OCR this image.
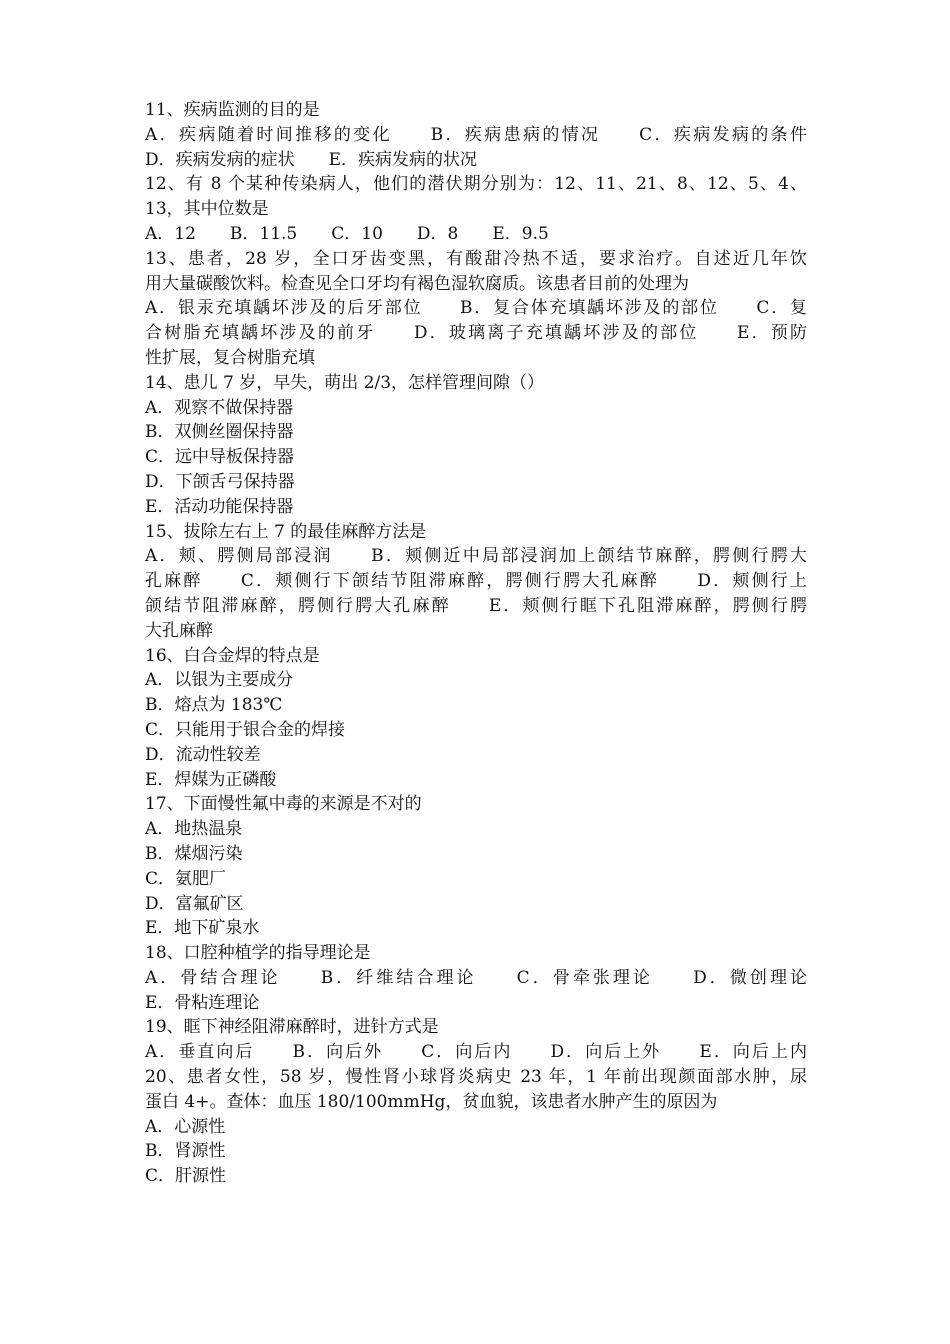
11、疾病监测的目的是
A．疾病随着时间推移的变化　　B．疾病患病的情况　　C．疾病发病的条件
D．疾病发病的症状　　E．疾病发病的状况
12、有 8 个某种传染病人，他们的潜伏期分别为：12、11、21、8、12、5、4、
13，其中位数是
A．12　　B．11.5　　C．10　　D．8　　E．9.5
13、患者，28 岁，全口牙齿变黑，有酸甜冷热不适，要求治疗。自述近几年饮
用大量碳酸饮料。检查见全口牙均有褐色湿软腐质。该患者目前的处理为
A．银汞充填龋坏涉及的后牙部位　　B．复合体充填龋坏涉及的部位　　C．复
合树脂充填龋坏涉及的前牙　　D．玻璃离子充填龋坏涉及的部位　　E．预防
性扩展，复合树脂充填
14、患儿 7 岁，早失，萌出 2/3，怎样管理间隙（）
A．观察不做保持器
B．双侧丝圈保持器
C．远中导板保持器
D．下颌舌弓保持器
E．活动功能保持器
15、拔除左右上 7 的最佳麻醉方法是
A．颊、腭侧局部浸润　　B．颊侧近中局部浸润加上颌结节麻醉，腭侧行腭大
孔麻醉　　C．颊侧行下颌结节阻滞麻醉，腭侧行腭大孔麻醉　　D．颊侧行上
颌结节阻滞麻醉，腭侧行腭大孔麻醉　　E．颊侧行眶下孔阻滞麻醉，腭侧行腭
大孔麻醉
16、白合金焊的特点是
A．以银为主要成分
B．熔点为 183℃
C．只能用于银合金的焊接
D．流动性较差
E．焊媒为正磷酸
17、下面慢性氟中毒的来源是不对的
A．地热温泉
B．煤烟污染
C．氨肥厂
D．富氟矿区
E．地下矿泉水
18、口腔种植学的指导理论是
A．骨结合理论　　B．纤维结合理论　　C．骨牵张理论　　D．微创理论
E．骨粘连理论
19、眶下神经阻滞麻醉时，进针方式是
A．垂直向后　　B．向后外　　C．向后内　　D．向后上外　　E．向后上内
20、患者女性，58 岁，慢性肾小球肾炎病史 23 年，1 年前出现颜面部水肿，尿
蛋白 4+。查体：血压 180/100mmHg，贫血貌，该患者水肿产生的原因为
A．心源性
B．肾源性
C．肝源性
